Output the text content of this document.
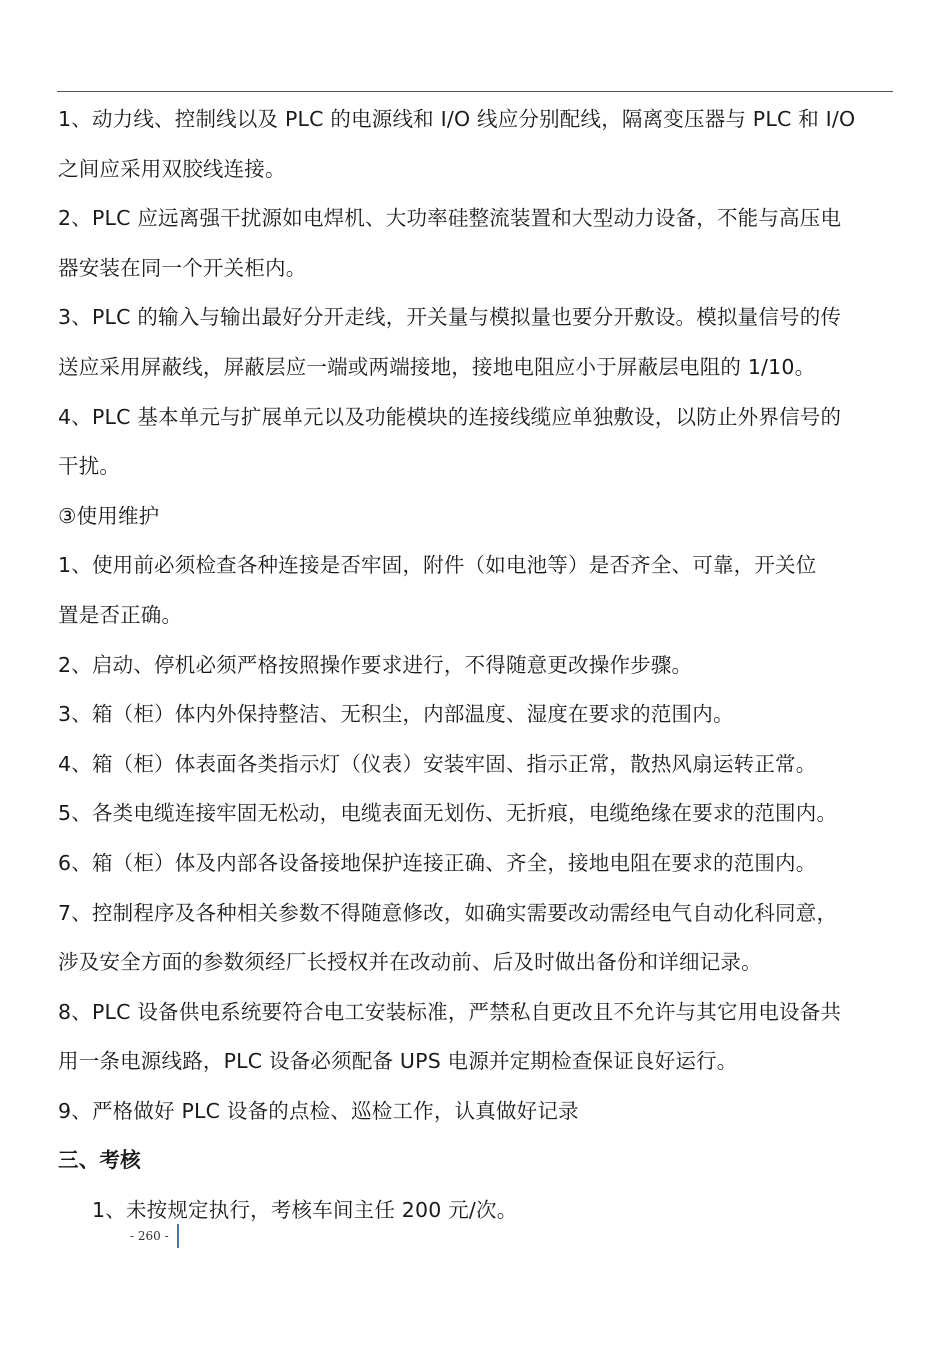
1、动力线、控制线以及 PLC 的电源线和 I/O 线应分别配线，隔离变压器与 PLC 和 I/O
之间应采用双胶线连接。
2、PLC 应远离强干扰源如电焊机、大功率硅整流装置和大型动力设备，不能与高压电
器安装在同一个开关柜内。
3、PLC 的输入与输出最好分开走线，开关量与模拟量也要分开敷设。模拟量信号的传
送应采用屏蔽线，屏蔽层应一端或两端接地，接地电阻应小于屏蔽层电阻的 1/10。
4、PLC 基本单元与扩展单元以及功能模块的连接线缆应单独敷设，以防止外界信号的
干扰。
③使用维护
1、使用前必须检查各种连接是否牢固，附件（如电池等）是否齐全、可靠，开关位
置是否正确。
2、启动、停机必须严格按照操作要求进行，不得随意更改操作步骤。
3、箱（柜）体内外保持整洁、无积尘，内部温度、湿度在要求的范围内。
4、箱（柜）体表面各类指示灯（仪表）安装牢固、指示正常，散热风扇运转正常。
5、各类电缆连接牢固无松动，电缆表面无划伤、无折痕，电缆绝缘在要求的范围内。
6、箱（柜）体及内部各设备接地保护连接正确、齐全，接地电阻在要求的范围内。
7、控制程序及各种相关参数不得随意修改，如确实需要改动需经电气自动化科同意，
涉及安全方面的参数须经厂长授权并在改动前、后及时做出备份和详细记录。
8、PLC 设备供电系统要符合电工安装标准，严禁私自更改且不允许与其它用电设备共
用一条电源线路，PLC 设备必须配备 UPS 电源并定期检查保证良好运行。
9、严格做好 PLC 设备的点检、巡检工作，认真做好记录
三、考核
1、未按规定执行，考核车间主任 200 元/次。
- 260 -
